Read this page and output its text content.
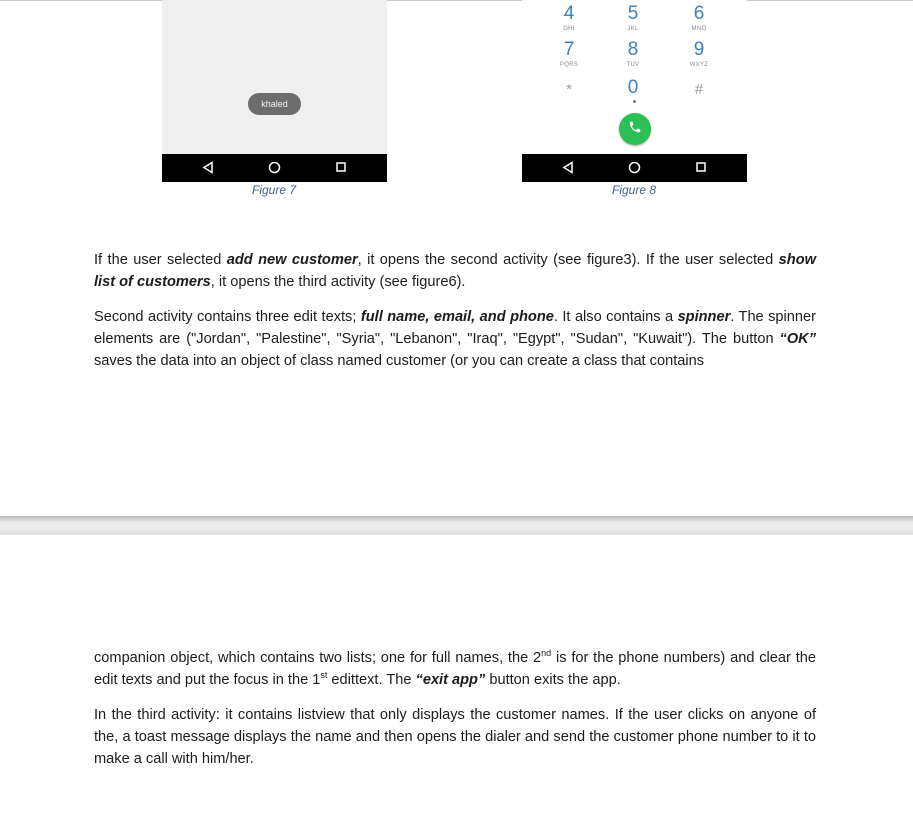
khaled
Figure 7
4
GHI
5
JKL
6
MNO
7
PQRS
8
TUV
9
WXYZ
*	0	#
Figure 8

If the user selected add new customer, it opens the second activity (see figure3). If the user selected show list of customers, it opens the third activity (see figure6).

Second activity contains three edit texts; full name, email, and phone. It also contains a spinner. The spinner elements are ("Jordan", "Palestine", "Syria", "Lebanon", "Iraq", "Egypt", "Sudan", "Kuwait"). The button “OK” saves the data into an object of class named customer (or you can create a class that contains

companion object, which contains two lists; one for full names, the 2nd is for the phone numbers) and clear the edit texts and put the focus in the 1st edittext. The “exit app” button exits the app.

In the third activity: it contains listview that only displays the customer names. If the user clicks on anyone of the, a toast message displays the name and then opens the dialer and send the customer phone number to it to make a call with him/her.
